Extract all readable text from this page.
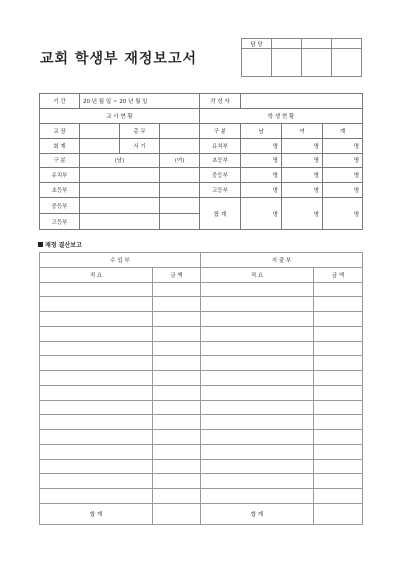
교회 학생부 재정보고서
담 당			

기 간	20 년 월 일 ~ 20 년 월 일			작 성 자			
교 사 현 황				학 생 현 황			
교 장		총 무		구 분	남	여	계
회 계		서 기		유치부	명	명	명
구 분	(남)		(여)	초등부	명	명	명
유치부				중등부	명	명	명
초등부				고등부	명	명	명
중등부				합 계	명	명	명
고등부							
재정 결산보고
수 입 부		지 출 부	
적 요	금 액	적 요	금 액

합 계		합 계	
